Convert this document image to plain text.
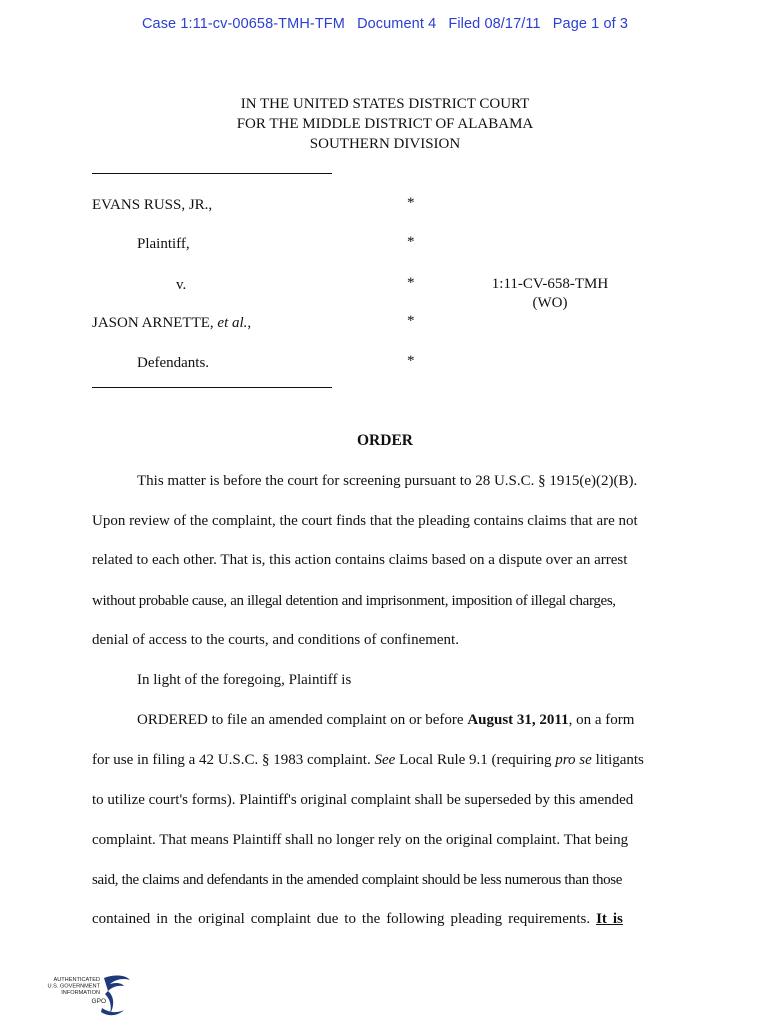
Case 1:11-cv-00658-TMH-TFM Document 4 Filed 08/17/11 Page 1 of 3
IN THE UNITED STATES DISTRICT COURT
FOR THE MIDDLE DISTRICT OF ALABAMA
SOUTHERN DIVISION
EVANS RUSS, JR.,	*
Plaintiff,	*
v.	*	1:11-CV-658-TMH
(WO)
JASON ARNETTE, et al.,	*
Defendants.	*
ORDER
This matter is before the court for screening pursuant to 28 U.S.C. § 1915(e)(2)(B).
Upon review of the complaint, the court finds that the pleading contains claims that are not
related to each other. That is, this action contains claims based on a dispute over an arrest
without probable cause, an illegal detention and imprisonment, imposition of illegal charges,
denial of access to the courts, and conditions of confinement.
In light of the foregoing, Plaintiff is
ORDERED to file an amended complaint on or before August 31, 2011, on a form
for use in filing a 42 U.S.C. § 1983 complaint. See Local Rule 9.1 (requiring pro se litigants
to utilize court's forms). Plaintiff's original complaint shall be superseded by this amended
complaint. That means Plaintiff shall no longer rely on the original complaint. That being
said, the claims and defendants in the amended complaint should be less numerous than those
contained in the original complaint due to the following pleading requirements. It is
AUTHENTICATED
U.S. GOVERNMENT
INFORMATION
GPO
